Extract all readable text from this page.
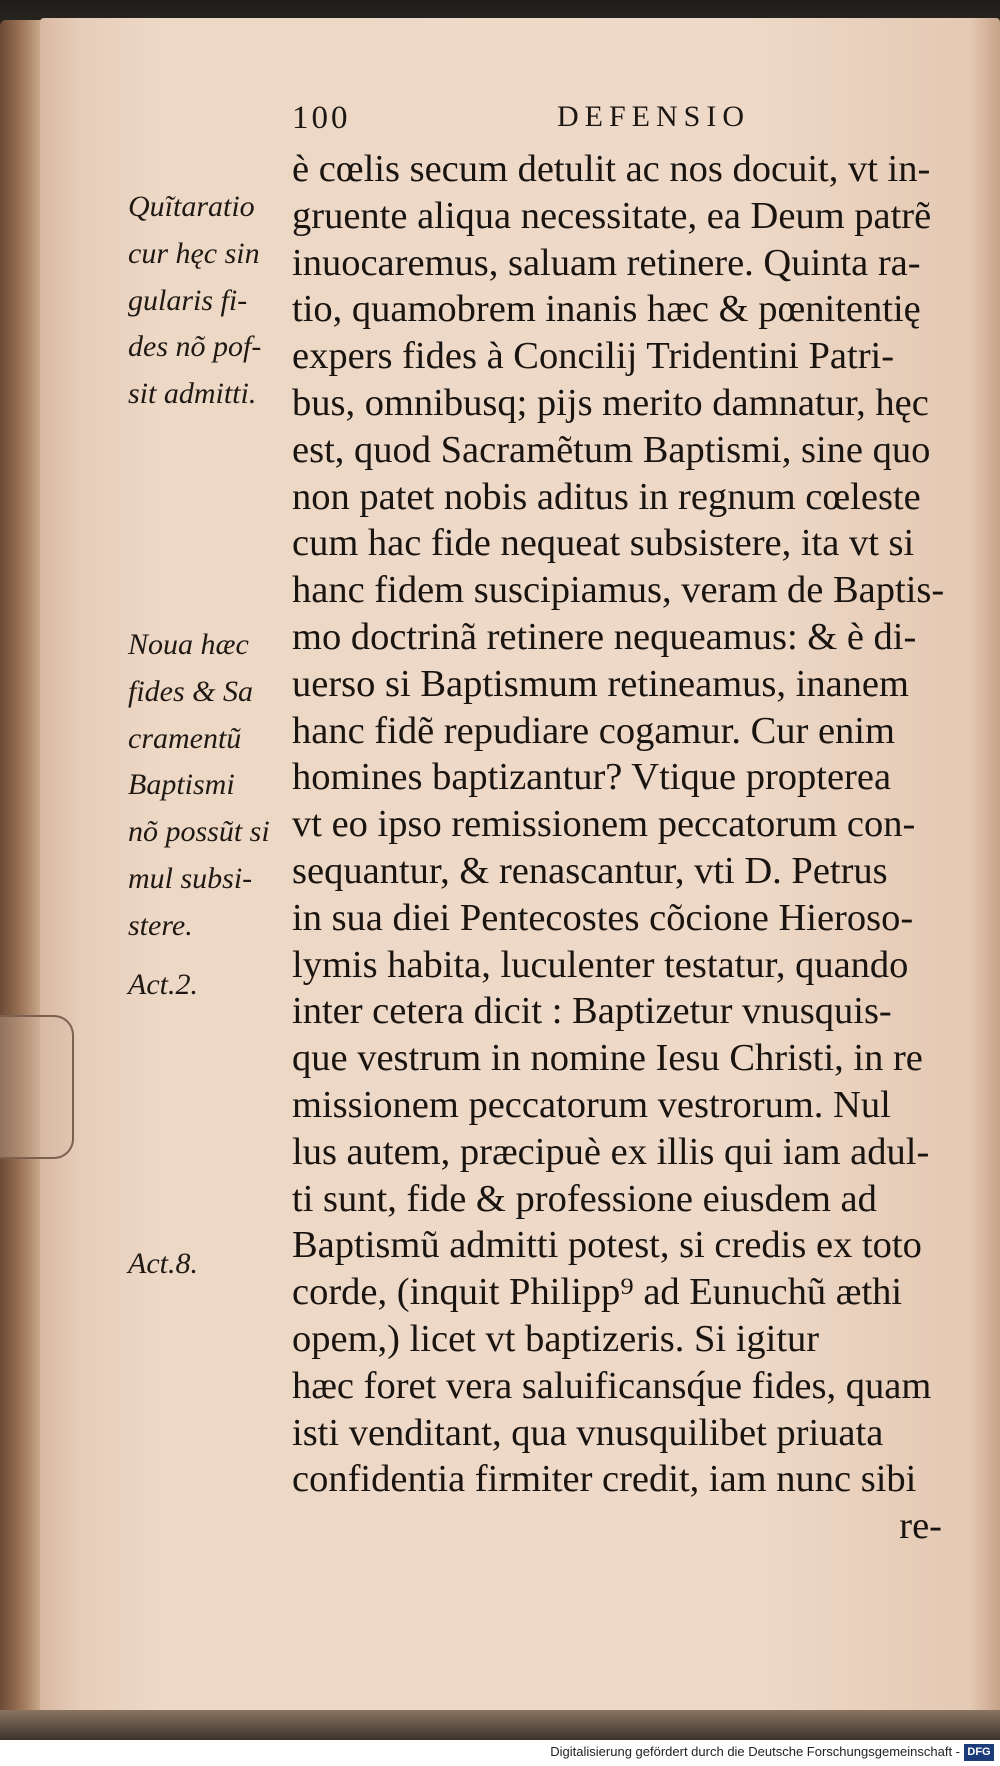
100	DEFENSIO
Quĩtaratio
cur hęc sin
gularis fi-
des nõ pof-
sit admitti.
Noua hæc
fides & Sa
cramentũ
Baptismi
nõ possũt si
mul subsi-
stere.
Act.2.
Act.8.
è cœlis secum detulit ac nos docuit, vt in-
gruente aliqua necessitate, ea Deum patrẽ
inuocaremus, saluam retinere. Quinta ra-
tio, quamobrem inanis hæc & pœnitentię
expers fides à Concilij Tridentini Patri-
bus, omnibusq; pijs merito damnatur, hęc
est, quod Sacramẽtum Baptismi, sine quo
non patet nobis aditus in regnum cœleste
cum hac fide nequeat subsistere, ita vt si
hanc fidem suscipiamus, veram de Baptis-
mo doctrinã retinere nequeamus: & è di-
uerso si Baptismum retineamus, inanem
hanc fidẽ repudiare cogamur. Cur enim
homines baptizantur? Vtique propterea
vt eo ipso remissionem peccatorum con-
sequantur, & renascantur, vti D. Petrus
in sua diei Pentecostes cõcione Hieroso-
lymis habita, luculenter testatur, quando
inter cetera dicit : Baptizetur vnusquis-
que vestrum in nomine Iesu Christi, in re
missionem peccatorum vestrorum. Nul
lus autem, præcipuè ex illis qui iam adul-
ti sunt, fide & professione eiusdem ad
Baptismũ admitti potest, si credis ex toto
corde, (inquit Philipp⁹ ad Eunuchũ æthi
opem,) licet vt baptizeris. Si igitur
hæc foret vera saluificansq́ue fides, quam
isti venditant, qua vnusquilibet priuata
confidentia firmiter credit, iam nunc sibi
re-
Digitalisierung gefördert durch die Deutsche Forschungsgemeinschaft - DFG
